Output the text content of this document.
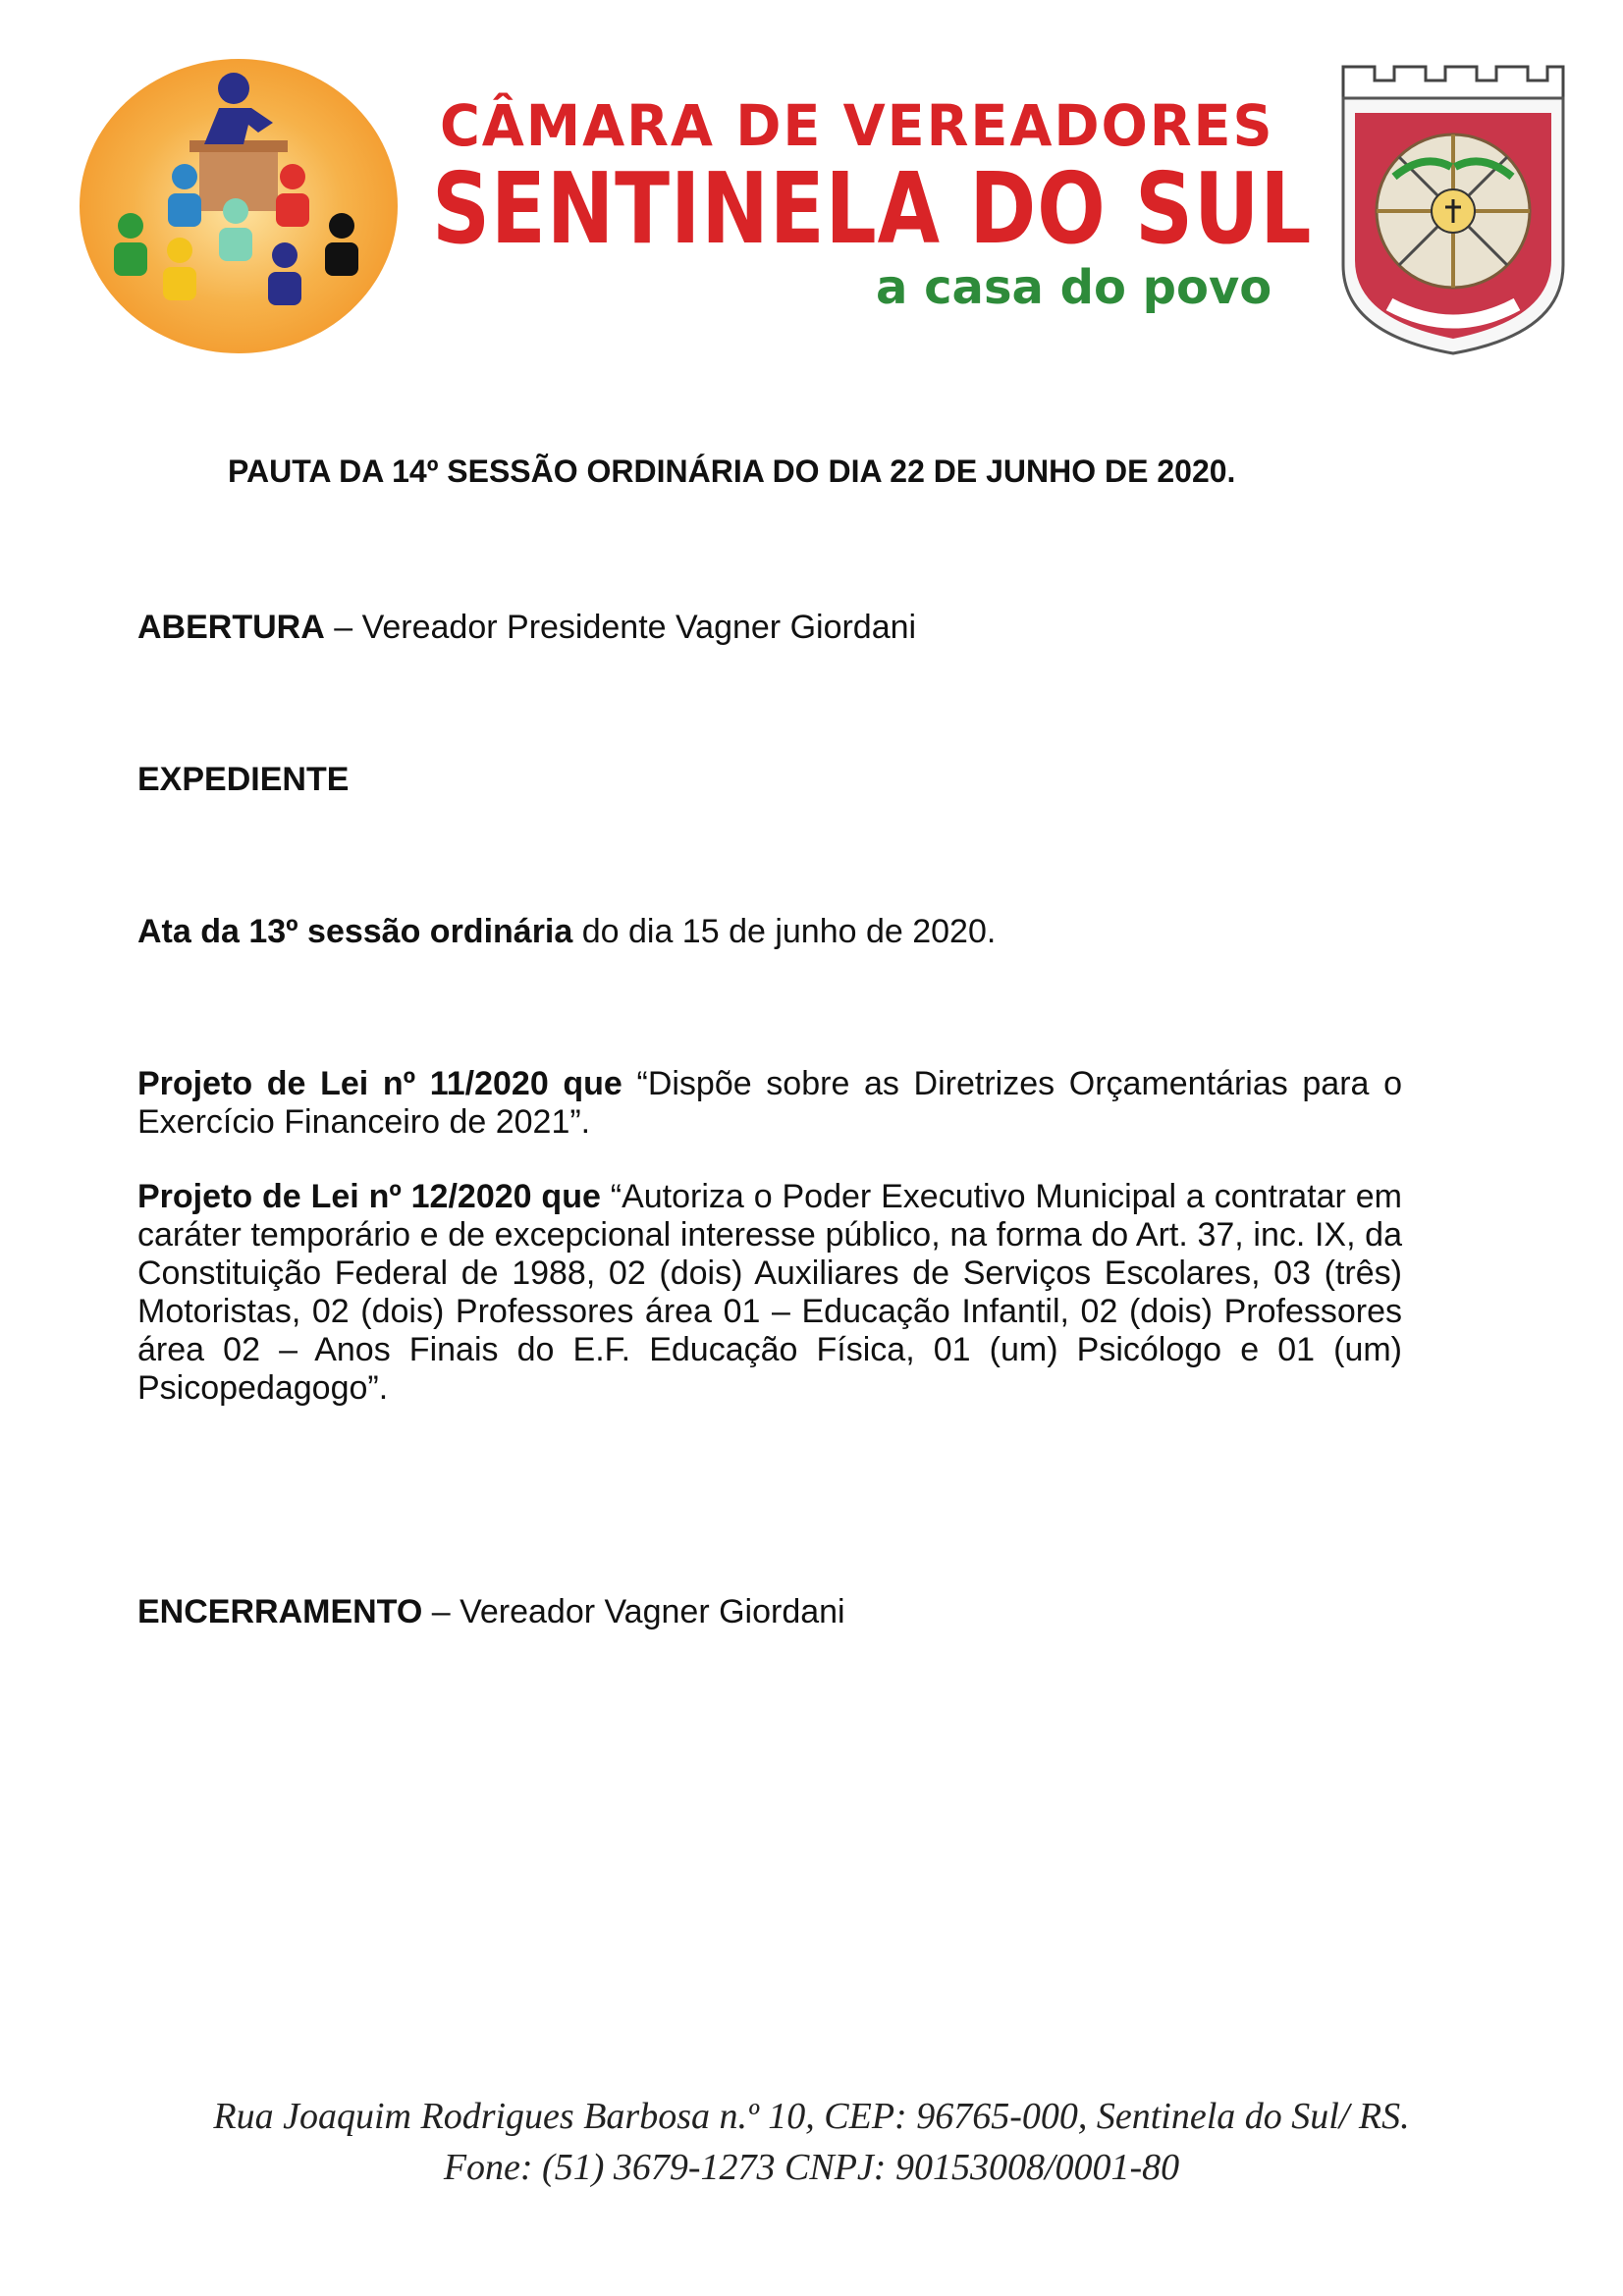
CÂMARA DE VEREADORES
SENTINELA DO SUL
a casa do povo
PAUTA DA 14º SESSÃO ORDINÁRIA DO DIA 22 DE JUNHO DE 2020.
ABERTURA – Vereador Presidente Vagner Giordani
EXPEDIENTE
Ata da 13º sessão ordinária do dia 15 de junho de 2020.
Projeto de Lei nº 11/2020 que “Dispõe sobre as Diretrizes Orçamentárias para o Exercício Financeiro de 2021”.
Projeto de Lei nº 12/2020 que “Autoriza o Poder Executivo Municipal a contratar em caráter temporário e de excepcional interesse público, na forma do Art. 37, inc. IX, da Constituição Federal de 1988, 02 (dois) Auxiliares de Serviços Escolares, 03 (três) Motoristas, 02 (dois) Professores área 01 – Educação Infantil, 02 (dois) Professores área 02 – Anos Finais do E.F. Educação Física, 01 (um) Psicólogo e 01 (um) Psicopedagogo”.
ENCERRAMENTO – Vereador Vagner Giordani
Rua Joaquim Rodrigues Barbosa n.º 10, CEP: 96765-000, Sentinela do Sul/ RS.
Fone: (51) 3679-1273 CNPJ: 90153008/0001-80
